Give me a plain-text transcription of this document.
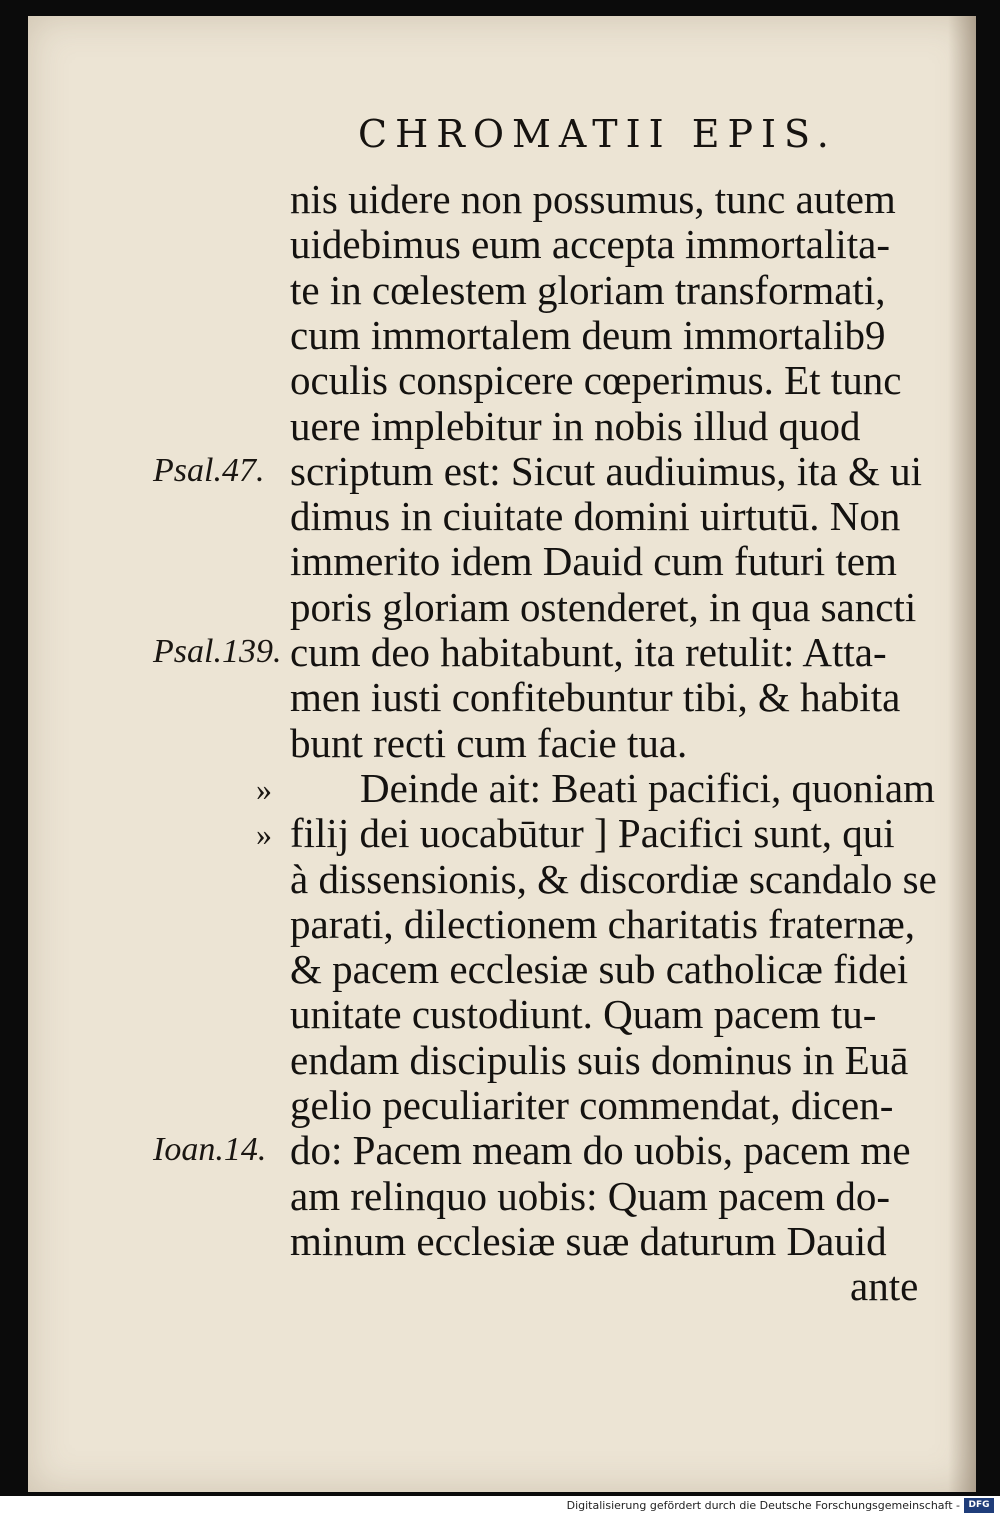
CHROMATII EPIS.
nis uidere non possumus, tunc autem
uidebimus eum accepta immortalita-
te in cœlestem gloriam transformati,
cum immortalem deum immortalib9
oculis conspicere cœperimus. Et tunc
uere implebitur in nobis illud quod
scriptum est: Sicut audiuimus, ita & ui
dimus in ciuitate domini uirtutū. Non
immerito idem Dauid cum futuri tem
poris gloriam ostenderet, in qua sancti
cum deo habitabunt, ita retulit: Atta-
men iusti confitebuntur tibi, & habita
bunt recti cum facie tua.
Deinde ait: Beati pacifici, quoniam
filij dei uocabūtur ] Pacifici sunt, qui
à dissensionis, & discordiæ scandalo se
parati, dilectionem charitatis fraternæ,
& pacem ecclesiæ sub catholicæ fidei
unitate custodiunt. Quam pacem tu-
endam discipulis suis dominus in Euā
gelio peculiariter commendat, dicen-
do: Pacem meam do uobis, pacem me
am relinquo uobis: Quam pacem do-
minum ecclesiæ suæ daturum Dauid
ante
Psal.47.
Psal.139.
Ioan.14.
»
»
Digitalisierung gefördert durch die Deutsche Forschungsgemeinschaft - DFG
